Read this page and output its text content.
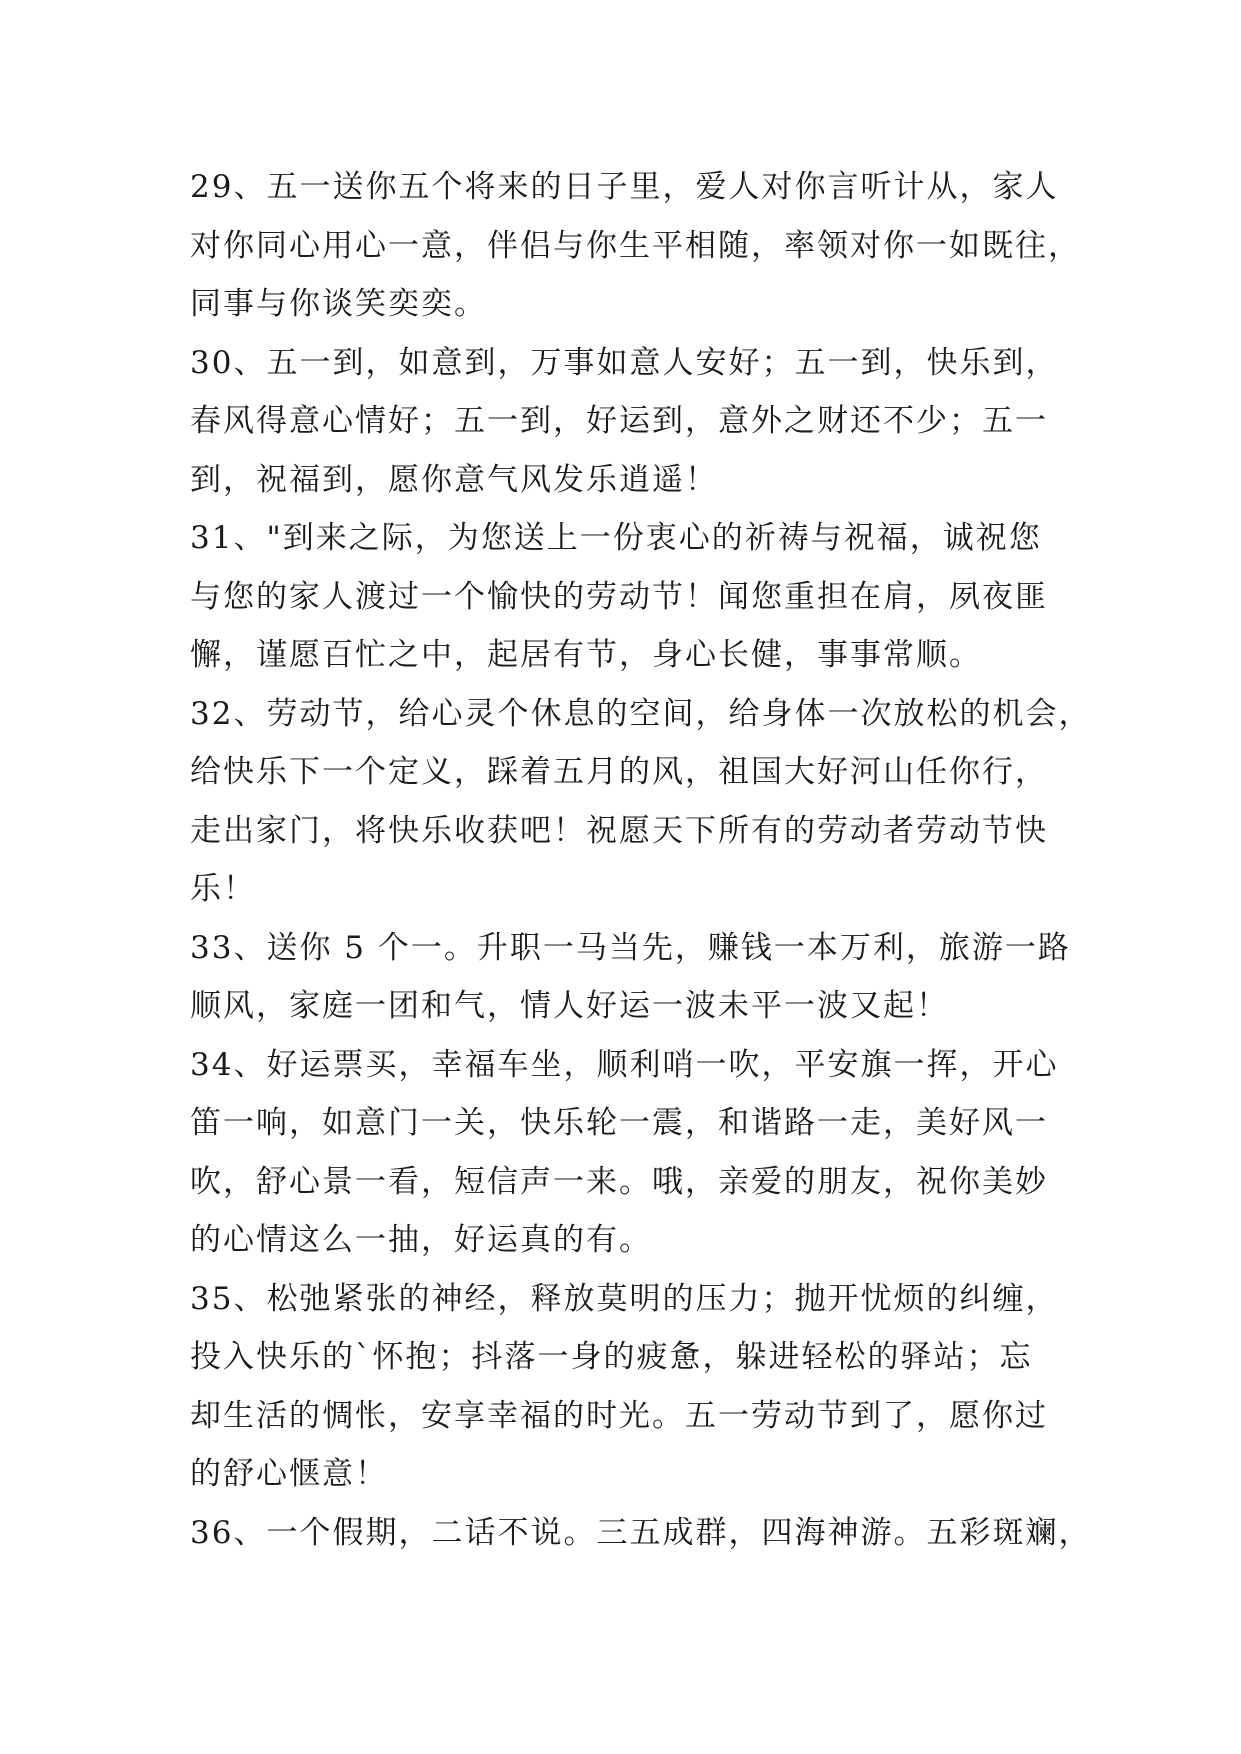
29、五一送你五个将来的日子里，爱人对你言听计从，家人
对你同心用心一意，伴侣与你生平相随，率领对你一如既往，
同事与你谈笑奕奕。
30、五一到，如意到，万事如意人安好；五一到，快乐到，
春风得意心情好；五一到，好运到，意外之财还不少；五一
到，祝福到，愿你意气风发乐逍遥！
31、"到来之际，为您送上一份衷心的祈祷与祝福，诚祝您
与您的家人渡过一个愉快的劳动节！闻您重担在肩，夙夜匪
懈，谨愿百忙之中，起居有节，身心长健，事事常顺。
32、劳动节，给心灵个休息的空间，给身体一次放松的机会，
给快乐下一个定义，踩着五月的风，祖国大好河山任你行，
走出家门，将快乐收获吧！祝愿天下所有的劳动者劳动节快
乐！
33、送你 5 个一。升职一马当先，赚钱一本万利，旅游一路
顺风，家庭一团和气，情人好运一波未平一波又起！
34、好运票买，幸福车坐，顺利哨一吹，平安旗一挥，开心
笛一响，如意门一关，快乐轮一震，和谐路一走，美好风一
吹，舒心景一看，短信声一来。哦，亲爱的朋友，祝你美妙
的心情这么一抽，好运真的有。
35、松弛紧张的神经，释放莫明的压力；抛开忧烦的纠缠，
投入快乐的`怀抱；抖落一身的疲惫，躲进轻松的驿站；忘
却生活的惆怅，安享幸福的时光。五一劳动节到了，愿你过
的舒心惬意！
36、一个假期，二话不说。三五成群，四海神游。五彩斑斓，
